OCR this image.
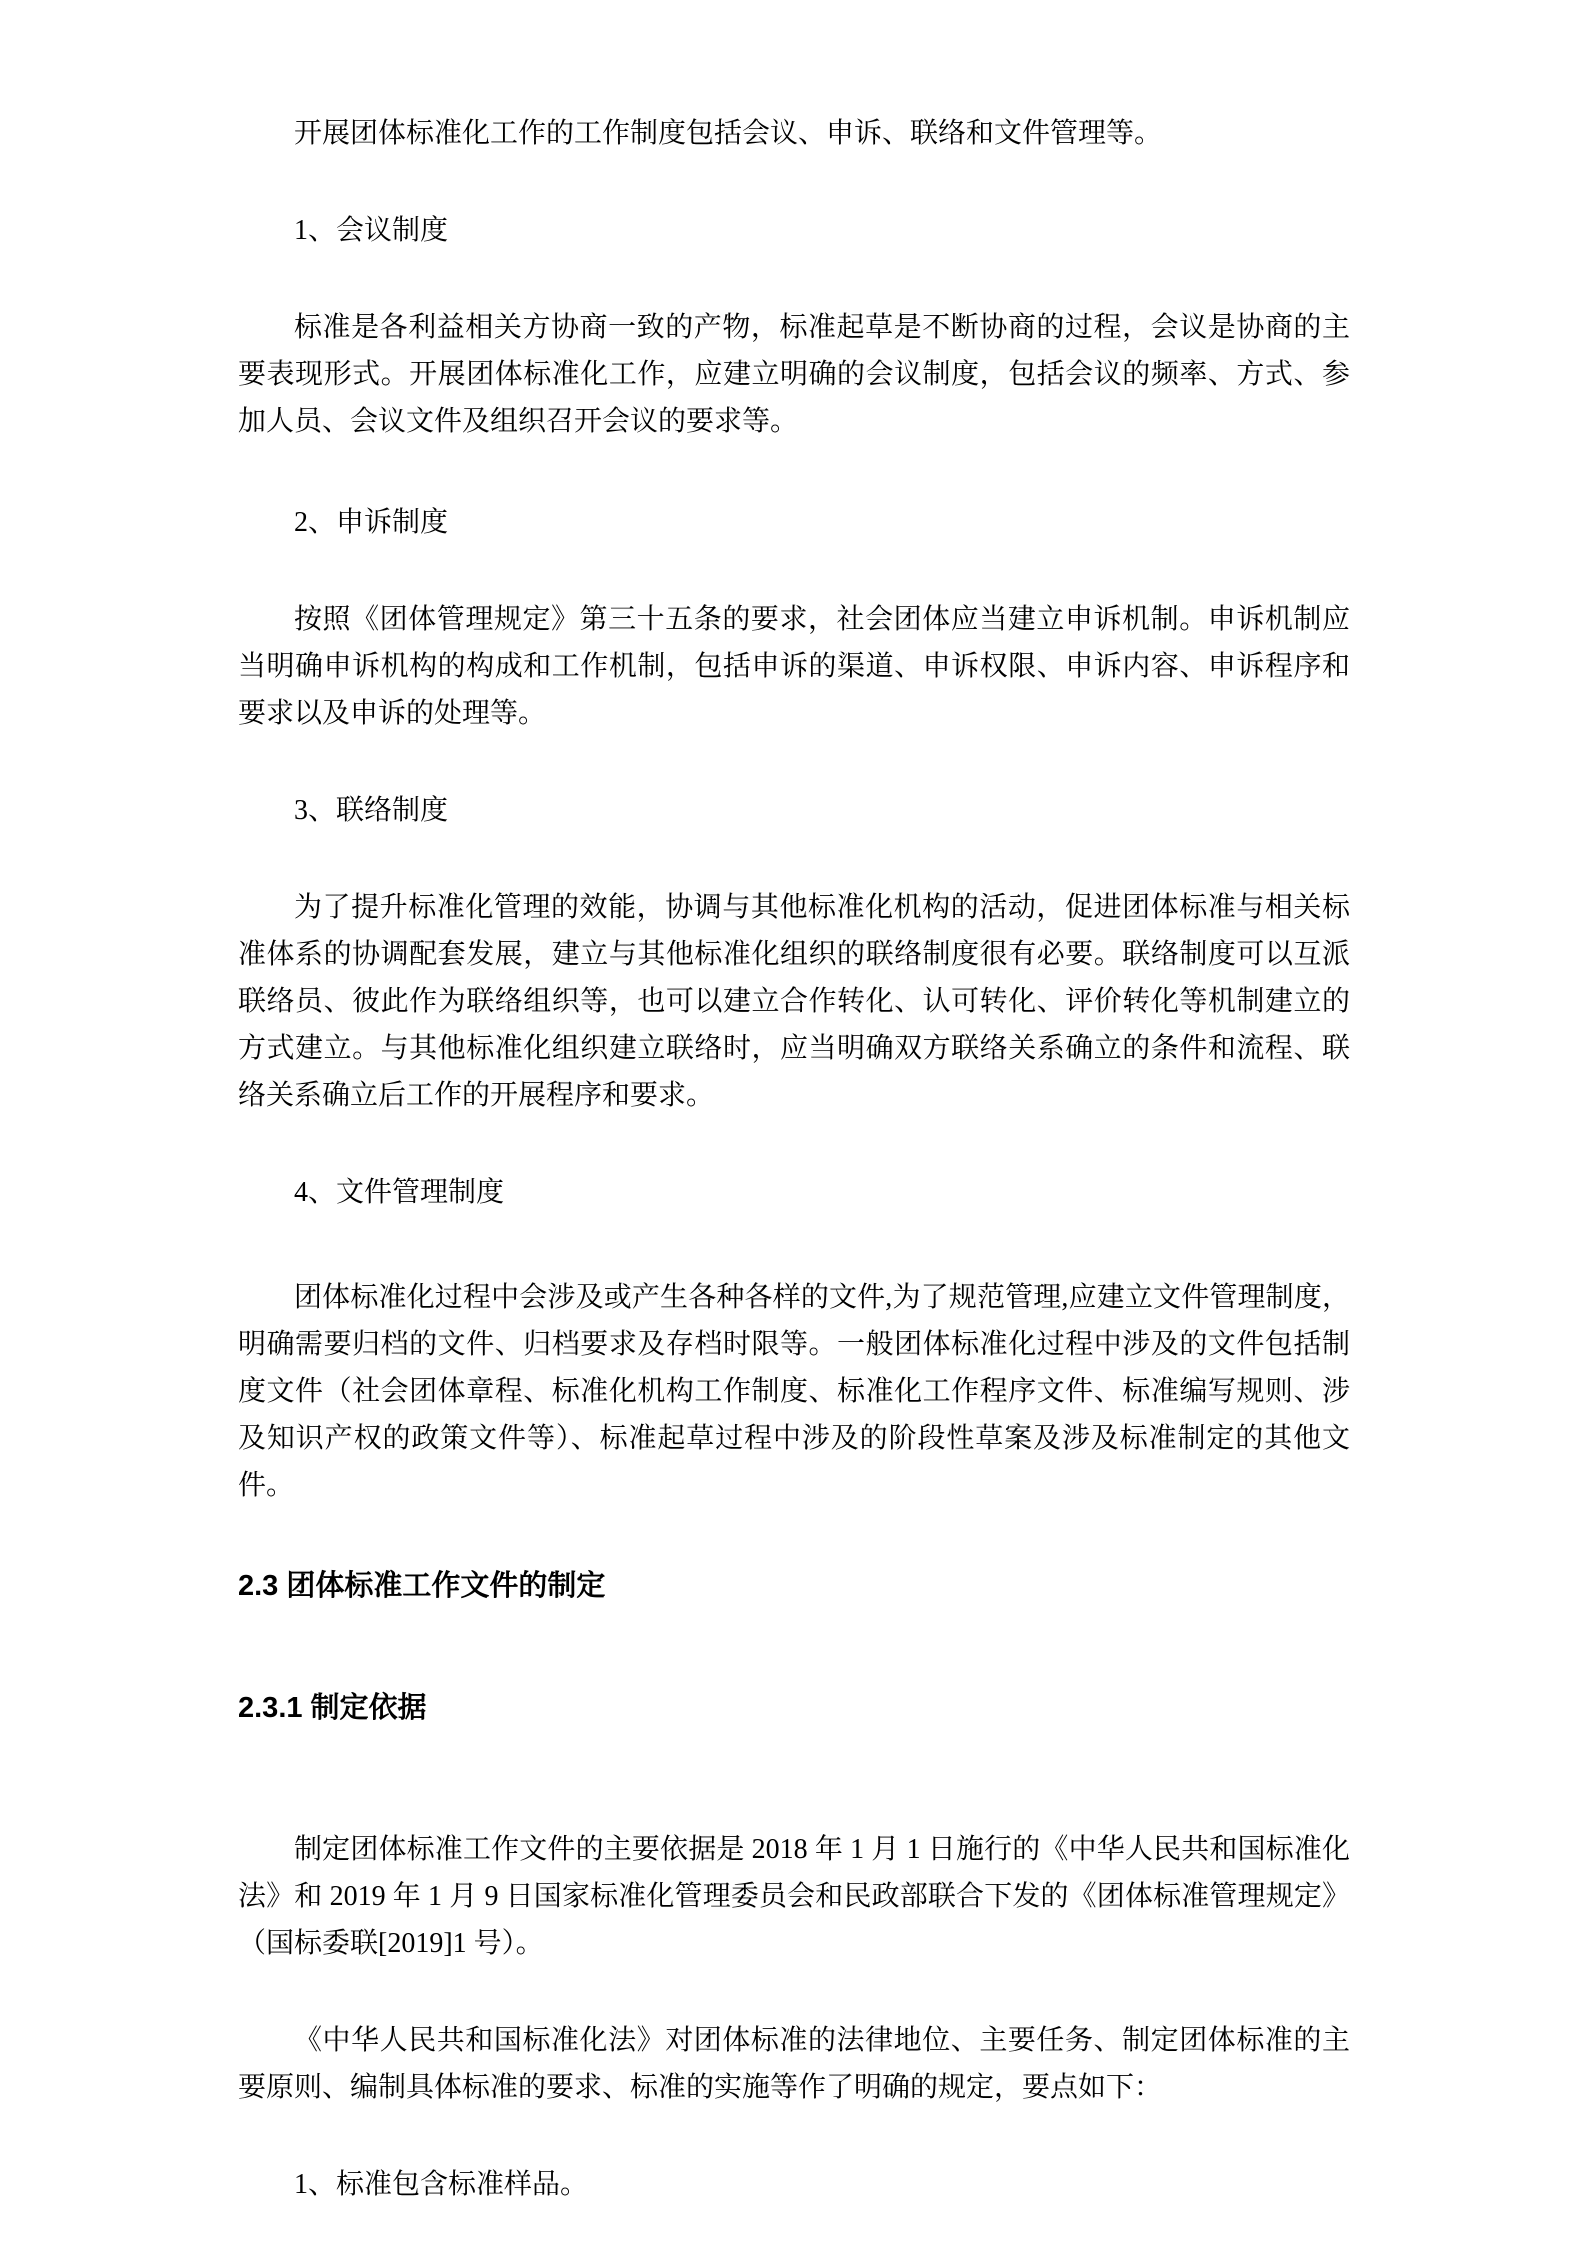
开展团体标准化工作的工作制度包括会议、申诉、联络和文件管理等。

1、会议制度

标准是各利益相关方协商一致的产物，标准起草是不断协商的过程，会议是协商的主要表现形式。开展团体标准化工作，应建立明确的会议制度，包括会议的频率、方式、参加人员、会议文件及组织召开会议的要求等。

2、申诉制度

按照《团体管理规定》第三十五条的要求，社会团体应当建立申诉机制。申诉机制应当明确申诉机构的构成和工作机制，包括申诉的渠道、申诉权限、申诉内容、申诉程序和要求以及申诉的处理等。

3、联络制度

为了提升标准化管理的效能，协调与其他标准化机构的活动，促进团体标准与相关标准体系的协调配套发展，建立与其他标准化组织的联络制度很有必要。联络制度可以互派联络员、彼此作为联络组织等，也可以建立合作转化、认可转化、评价转化等机制建立的方式建立。与其他标准化组织建立联络时，应当明确双方联络关系确立的条件和流程、联络关系确立后工作的开展程序和要求。

4、文件管理制度

团体标准化过程中会涉及或产生各种各样的文件,为了规范管理,应建立文件管理制度，明确需要归档的文件、归档要求及存档时限等。一般团体标准化过程中涉及的文件包括制度文件（社会团体章程、标准化机构工作制度、标准化工作程序文件、标准编写规则、涉及知识产权的政策文件等）、标准起草过程中涉及的阶段性草案及涉及标准制定的其他文件。

2.3 团体标准工作文件的制定
2.3.1 制定依据

制定团体标准工作文件的主要依据是 2018 年 1 月 1 日施行的《中华人民共和国标准化法》和 2019 年 1 月 9 日国家标准化管理委员会和民政部联合下发的《团体标准管理规定》（国标委联[2019]1 号）。

《中华人民共和国标准化法》对团体标准的法律地位、主要任务、制定团体标准的主要原则、编制具体标准的要求、标准的实施等作了明确的规定，要点如下：

1、标准包含标准样品。
